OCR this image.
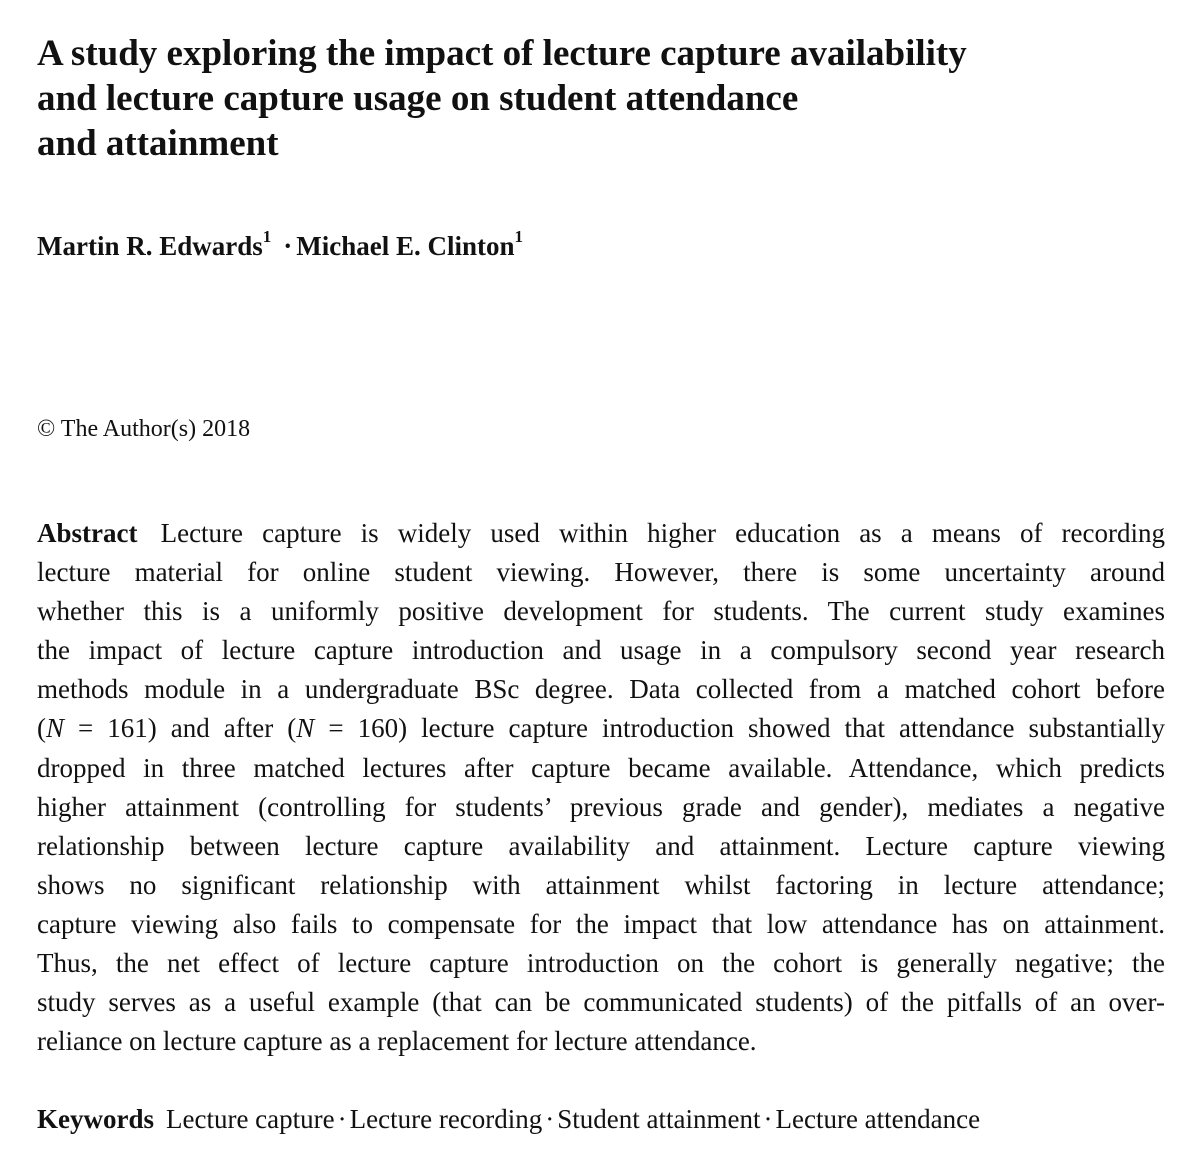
A study exploring the impact of lecture capture availability
and lecture capture usage on student attendance
and attainment

Martin R. Edwards$^1$ · Michael E. Clinton$^1$

© The Author(s) 2018

Abstract Lecture capture is widely used within higher education as a means of recording
lecture material for online student viewing. However, there is some uncertainty around
whether this is a uniformly positive development for students. The current study examines
the impact of lecture capture introduction and usage in a compulsory second year research
methods module in a undergraduate BSc degree. Data collected from a matched cohort before
(N = 161) and after (N = 160) lecture capture introduction showed that attendance substantially
dropped in three matched lectures after capture became available. Attendance, which predicts
higher attainment (controlling for students’ previous grade and gender), mediates a negative
relationship between lecture capture availability and attainment. Lecture capture viewing
shows no significant relationship with attainment whilst factoring in lecture attendance;
capture viewing also fails to compensate for the impact that low attendance has on attainment.
Thus, the net effect of lecture capture introduction on the cohort is generally negative; the
study serves as a useful example (that can be communicated students) of the pitfalls of an over-
reliance on lecture capture as a replacement for lecture attendance.

Keywords Lecture capture · Lecture recording · Student attainment · Lecture attendance
